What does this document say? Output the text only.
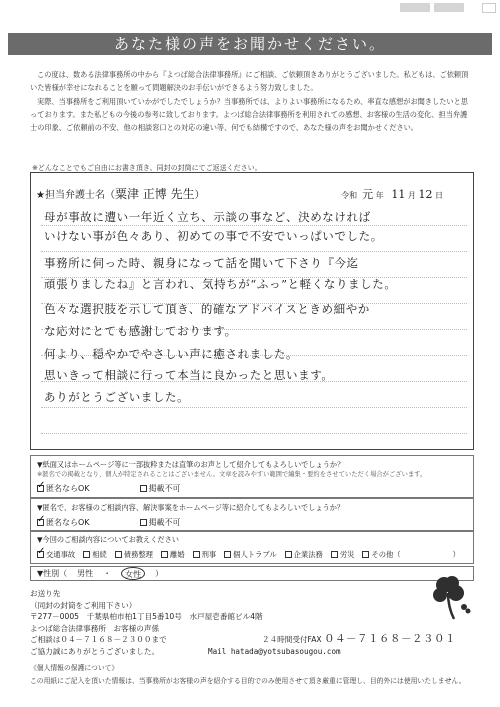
あなた様の声をお聞かせください。

この度は、数ある法律事務所の中から『よつば総合法律事務所』にご相談、ご依頼頂きありがとうございました。私どもは、ご依頼頂いた皆様が幸せになれることを願って問題解決のお手伝いができるよう努力致しました。

実際、当事務所をご利用頂いていかがでしたでしょうか？当事務所では、よりよい事務所になるため、率直な感想がお聞きしたいと思っております。また私どもの今後の参考に致しております。よつば総合法律事務所を利用されての感想、お客様の生活の変化、担当弁護士の印象、ご依頼前の不安、他の相談窓口との対応の違い等、何でも結構ですので、あなた様の声をお聞かせください。

※どんなことでもご自由にお書き頂き、同封の封筒にてご返送ください。
★担当弁護士名（粟津 正博 先生）	令和 元 年 11 月 12 日
母が事故に遭い一年近く立ち、示談の事など、決めなければ
いけない事が色々あり、初めての事で不安でいっぱいでした。
事務所に伺った時、親身になって話を聞いて下さり『今迄
頑張りましたね』と言われ、気持ちが“ふっ”と軽くなりました。
色々な選択肢を示して頂き、的確なアドバイスときめ細やか
な応対にとても感謝しております。
何より、穏やかでやさしい声に癒されました。
思いきって相談に行って本当に良かったと思います。
ありがとうございました。
▼紙面又はホームページ等に一部抜粋または直筆のお声として紹介してもよろしいでしょうか？
※匿名での掲載となり、個人が特定されることはございません。文章を読みやすい範囲で編集・要約をさせていただく場合がございます。
✓
匿名ならOK	掲載不可
▼匿名で、お客様のご相談内容、解決事案をホームページ等に紹介してもよろしいでしょうか？
✓
匿名ならOK	掲載不可
▼今回のご相談内容についてお教えください
✓
交通事故 相続 債務整理 離婚 刑事 個人トラブル 企業法務 労災 その他（	）
▼性別（ 男性 ・	女性	）
お送り先
（同封の封筒をご利用下さい）
〒277－0005　千葉県柏市柏1丁目5番10号　水戸屋壱番館ビル4階
よつば総合法律事務所　お客様の声係
ご相談は０４－７１６８－２３００まで	２４時間受付FAX ０４－７１６８－２３０１
ご協力誠にありがとうございました。	Mail hatada@yotsubasougou.com
《個人情報の保護について》
この用紙にご記入を頂いた情報は、当事務所がお客様の声を紹介する目的でのみ使用させて頂き厳重に管理し、目的外には使用いたしません。
